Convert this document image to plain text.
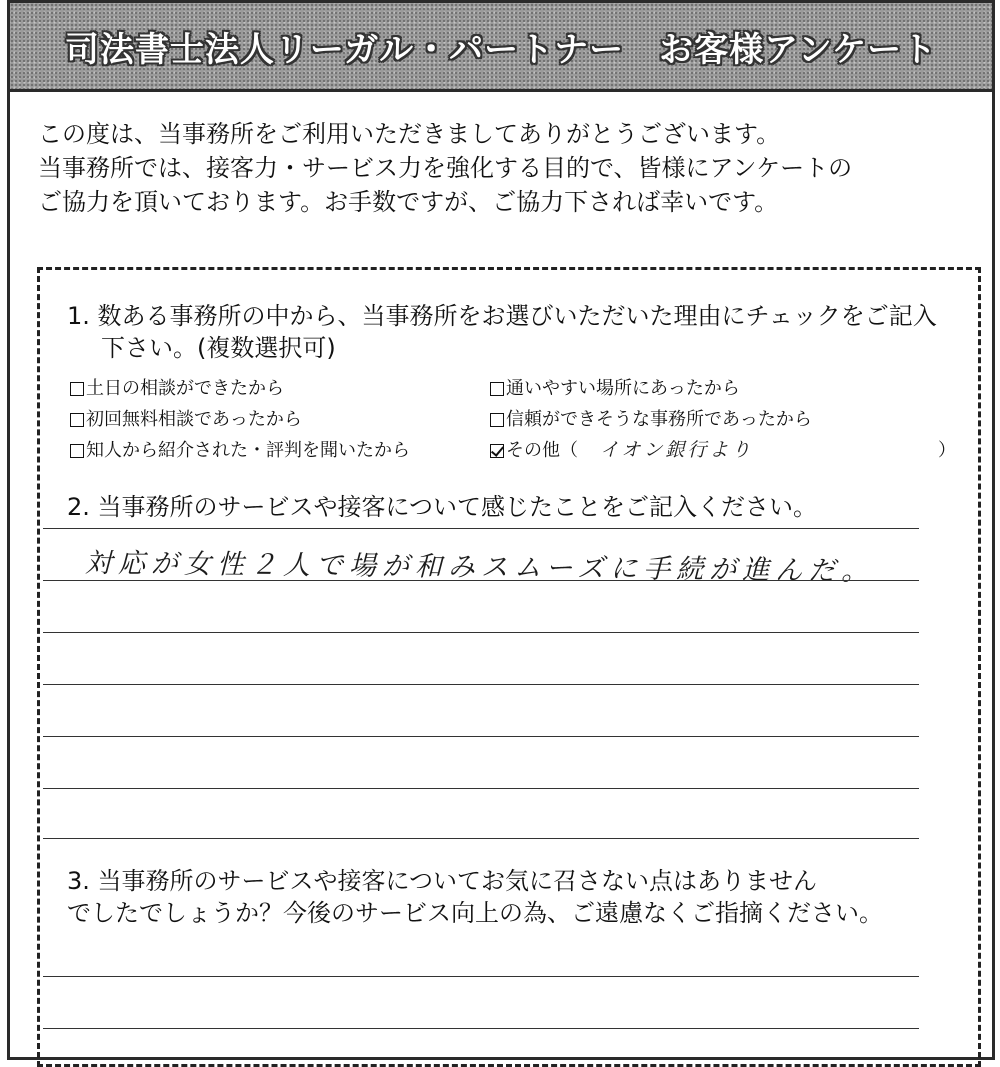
司法書士法人リーガル・パートナー　お客様アンケート

この度は、当事務所をご利用いただきましてありがとうございます。

当事務所では、接客力・サービス力を強化する目的で、皆様にアンケートの

ご協力を頂いております。お手数ですが、ご協力下されば幸いです。

1. 数ある事務所の中から、当事務所をお選びいただいた理由にチェックをご記入
下さい。(複数選択可)
土日の相談ができたから	通いやすい場所にあったから
初回無料相談であったから	信頼ができそうな事務所であったから
知人から紹介された・評判を聞いたから	その他（ イオン銀行より	）
2. 当事務所のサービスや接客について感じたことをご記入ください。
対応が女性２人で場が和みスムーズに手続が進んだ。
3. 当事務所のサービスや接客についてお気に召さない点はありません
でしたでしょうか？今後のサービス向上の為、ご遠慮なくご指摘ください。
